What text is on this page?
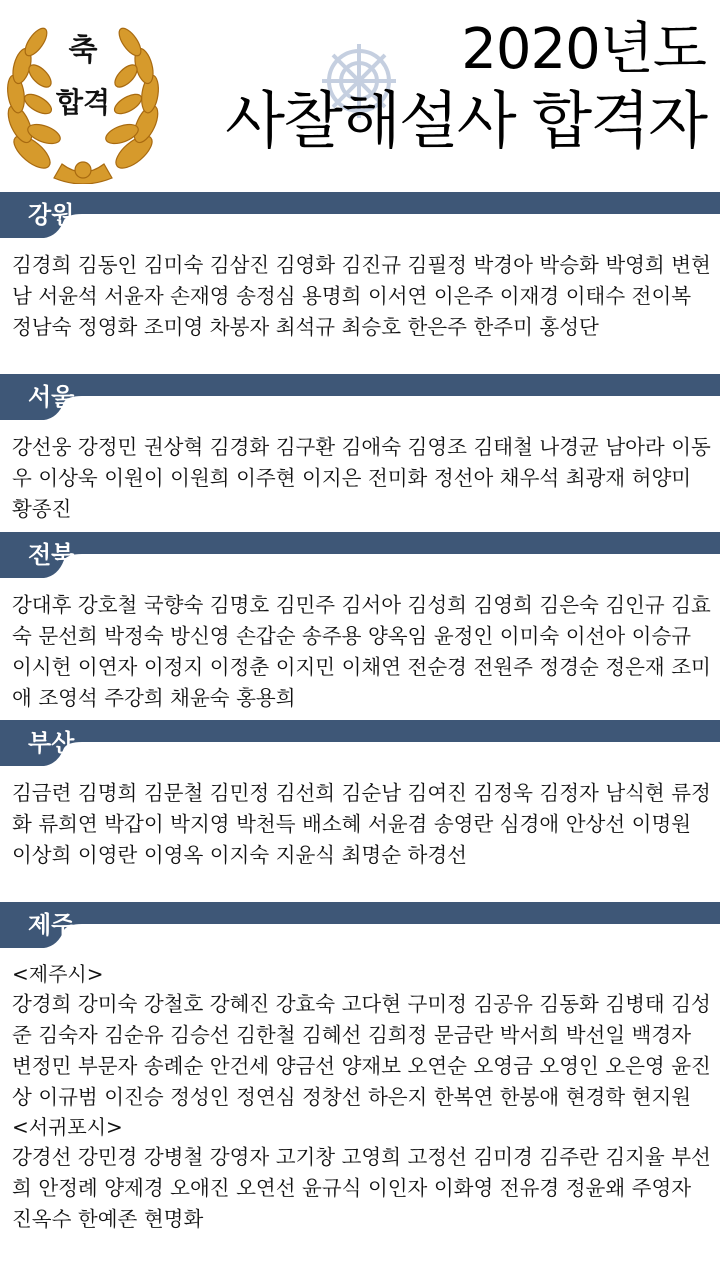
축
합격
2020년도
사찰해설사 합격자
강원
김경희 김동인 김미숙 김삼진 김영화 김진규 김필정 박경아 박승화 박영희 변현남 서윤석 서윤자 손재영 송정심 용명희 이서연 이은주 이재경 이태수 전이복 정남숙 정영화 조미영 차봉자 최석규 최승호 한은주 한주미 홍성단
서울
강선웅 강정민 권상혁 김경화 김구환 김애숙 김영조 김태철 나경균 남아라 이동우 이상욱 이원이 이원희 이주현 이지은 전미화 정선아 채우석 최광재 허양미 황종진
전북
강대후 강호철 국향숙 김명호 김민주 김서아 김성희 김영희 김은숙 김인규 김효숙 문선희 박정숙 방신영 손갑순 송주용 양옥임 윤정인 이미숙 이선아 이승규 이시헌 이연자 이정지 이정춘 이지민 이채연 전순경 전원주 정경순 정은재 조미애 조영석 주강희 채윤숙 홍용희
부산
김금련 김명희 김문철 김민정 김선희 김순남 김여진 김정욱 김정자 남식현 류정화 류희연 박갑이 박지영 박천득 배소혜 서윤겸 송영란 심경애 안상선 이명원 이상희 이영란 이영옥 이지숙 지윤식 최명순 하경선
제주
<제주시>
강경희 강미숙 강철호 강혜진 강효숙 고다현 구미정 김공유 김동화 김병태 김성준 김숙자 김순유 김승선 김한철 김혜선 김희정 문금란 박서희 박선일 백경자 변정민 부문자 송례순 안건세 양금선 양재보 오연순 오영금 오영인 오은영 윤진상 이규범 이진승 정성인 정연심 정창선 하은지 한복연 한봉애 현경학 현지원
<서귀포시>
강경선 강민경 강병철 강영자 고기창 고영희 고정선 김미경 김주란 김지율 부선희 안정례 양제경 오애진 오연선 윤규식 이인자 이화영 전유경 정윤왜 주영자 진옥수 한예존 현명화
